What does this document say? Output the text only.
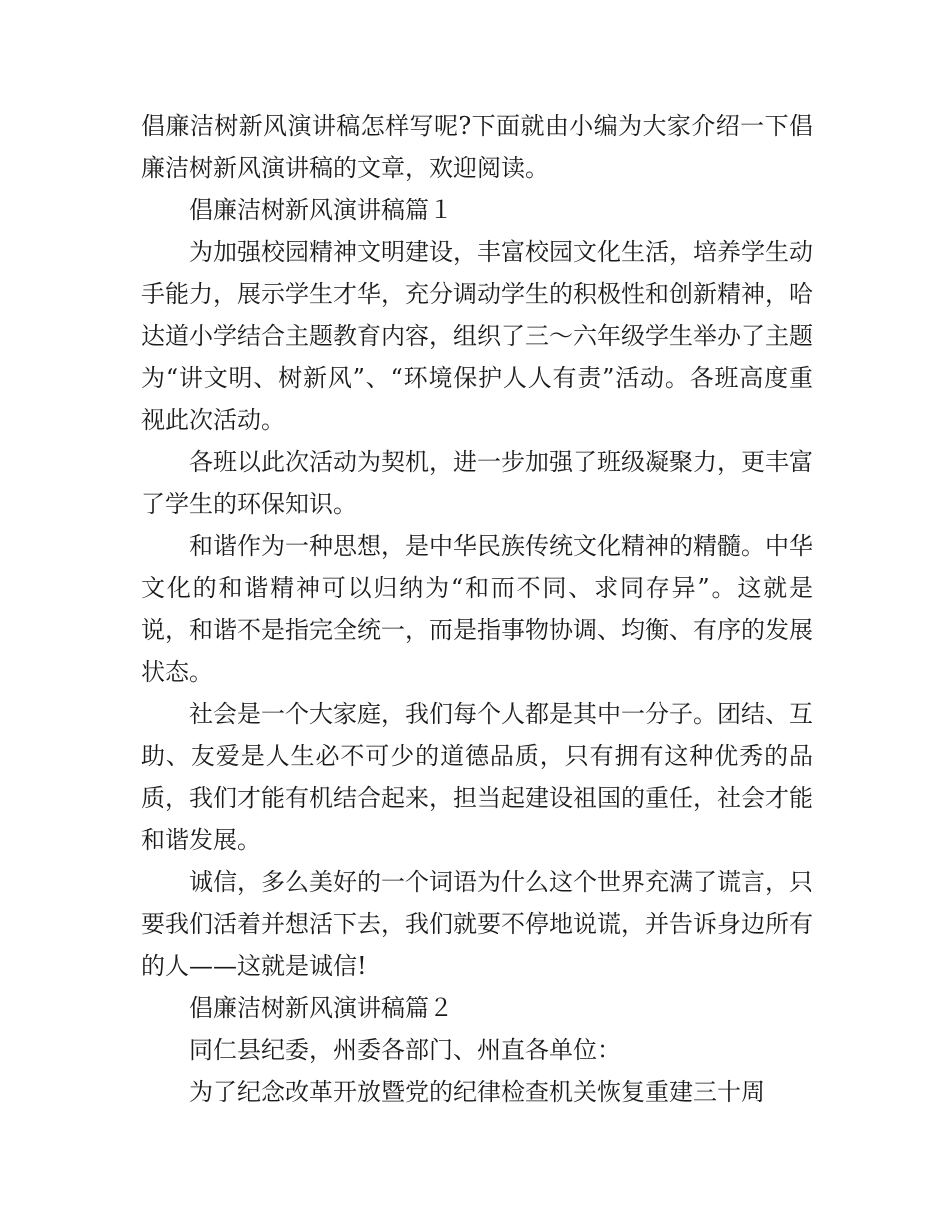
倡廉洁树新风演讲稿怎样写呢?下面就由小编为大家介绍一下倡廉洁树新风演讲稿的文章，欢迎阅读。

倡廉洁树新风演讲稿篇１

为加强校园精神文明建设，丰富校园文化生活，培养学生动手能力，展示学生才华，充分调动学生的积极性和创新精神，哈达道小学结合主题教育内容，组织了三～六年级学生举办了主题为“讲文明、树新风”、“环境保护人人有责”活动。各班高度重视此次活动。

各班以此次活动为契机，进一步加强了班级凝聚力，更丰富了学生的环保知识。

和谐作为一种思想，是中华民族传统文化精神的精髓。中华文化的和谐精神可以归纳为“和而不同、求同存异”。这就是说，和谐不是指完全统一，而是指事物协调、均衡、有序的发展状态。

社会是一个大家庭，我们每个人都是其中一分子。团结、互助、友爱是人生必不可少的道德品质，只有拥有这种优秀的品质，我们才能有机结合起来，担当起建设祖国的重任，社会才能和谐发展。

诚信，多么美好的一个词语为什么这个世界充满了谎言，只要我们活着并想活下去，我们就要不停地说谎，并告诉身边所有的人——这就是诚信!

倡廉洁树新风演讲稿篇２

同仁县纪委，州委各部门、州直各单位：

为了纪念改革开放暨党的纪律检查机关恢复重建三十周
